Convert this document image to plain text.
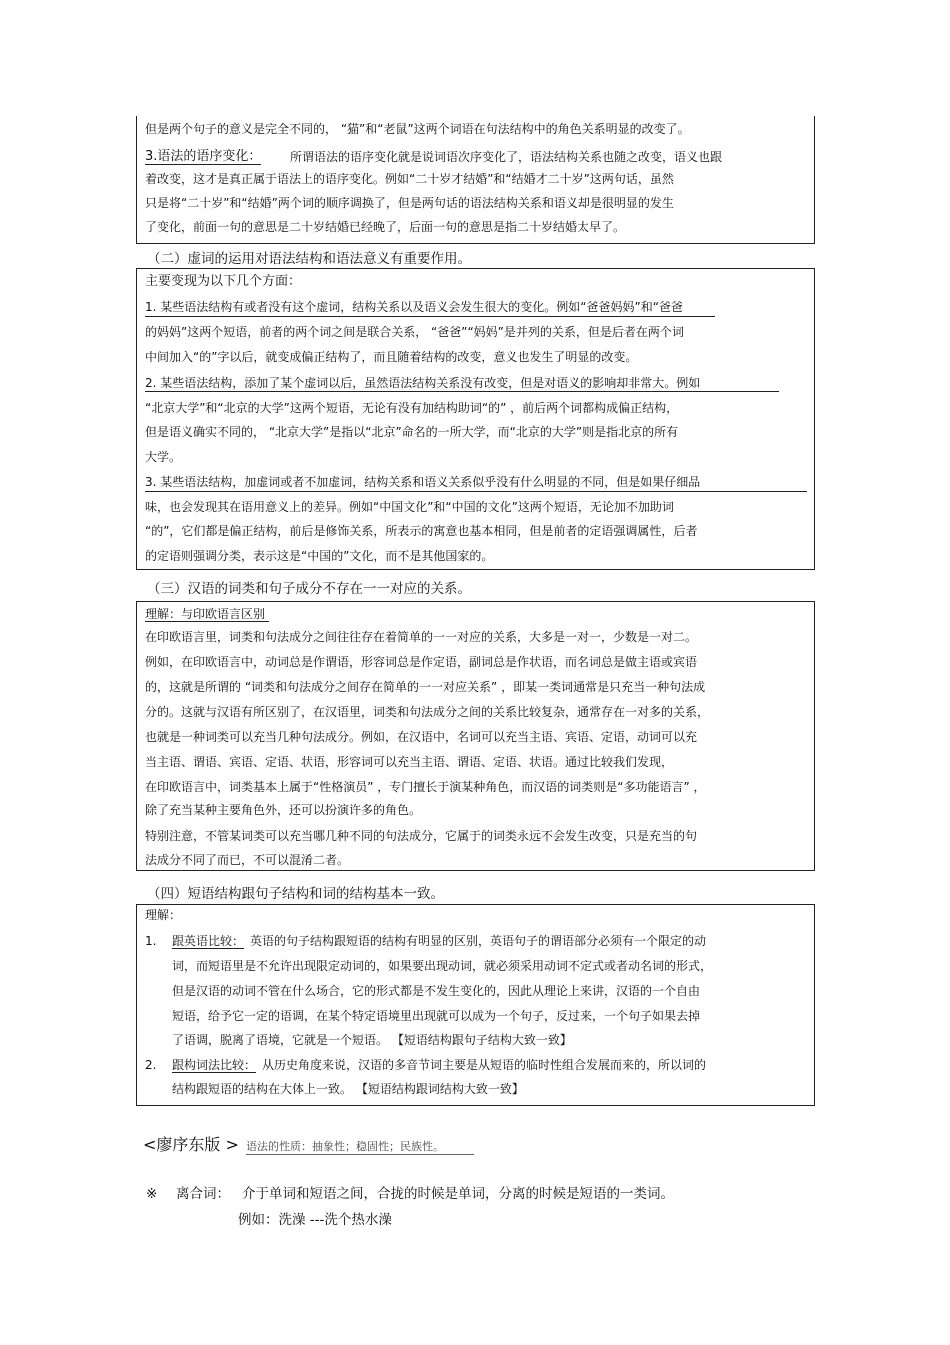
但是两个句子的意义是完全不同的， “猫”和“老鼠”这两个词语在句法结构中的角色关系明显的改变了。
3.语法的语序变化： 所谓语法的语序变化就是说词语次序变化了，语法结构关系也随之改变，语义也跟
着改变，这才是真正属于语法上的语序变化。例如“二十岁才结婚”和“结婚才二十岁”这两句话，虽然
只是将“二十岁”和“结婚”两个词的顺序调换了，但是两句话的语法结构关系和语义却是很明显的发生
了变化，前面一句的意思是二十岁结婚已经晚了，后面一句的意思是指二十岁结婚太早了。
（二）虚词的运用对语法结构和语法意义有重要作用。
主要变现为以下几个方面：
1. 某些语法结构有或者没有这个虚词，结构关系以及语义会发生很大的变化。例如“爸爸妈妈”和“爸爸
的妈妈”这两个短语，前者的两个词之间是联合关系， “爸爸”“妈妈”是并列的关系，但是后者在两个词
中间加入“的”字以后，就变成偏正结构了，而且随着结构的改变，意义也发生了明显的改变。
2. 某些语法结构，添加了某个虚词以后，虽然语法结构关系没有改变，但是对语义的影响却非常大。例如
“北京大学”和“北京的大学”这两个短语，无论有没有加结构助词“的” ，前后两个词都构成偏正结构，
但是语义确实不同的， “北京大学”是指以“北京”命名的一所大学，而“北京的大学”则是指北京的所有
大学。
3. 某些语法结构，加虚词或者不加虚词，结构关系和语义关系似乎没有什么明显的不同，但是如果仔细品
味，也会发现其在语用意义上的差异。例如“中国文化”和“中国的文化”这两个短语，无论加不加助词
“的”，它们都是偏正结构，前后是修饰关系，所表示的寓意也基本相同，但是前者的定语强调属性，后者
的定语则强调分类，表示这是“中国的”文化，而不是其他国家的。
（三）汉语的词类和句子成分不存在一一对应的关系。
理解：与印欧语言区别
在印欧语言里，词类和句法成分之间往往存在着简单的一一对应的关系，大多是一对一，少数是一对二。
例如，在印欧语言中，动词总是作谓语，形容词总是作定语，副词总是作状语，而名词总是做主语或宾语
的，这就是所谓的 “词类和句法成分之间存在简单的一一对应关系” ，即某一类词通常是只充当一种句法成
分的。这就与汉语有所区别了，在汉语里，词类和句法成分之间的关系比较复杂，通常存在一对多的关系，
也就是一种词类可以充当几种句法成分。例如，在汉语中，名词可以充当主语、宾语、定语，动词可以充
当主语、谓语、宾语、定语、状语，形容词可以充当主语、谓语、定语、状语。通过比较我们发现，
在印欧语言中，词类基本上属于“性格演员” ，专门擅长于演某种角色，而汉语的词类则是“多功能语言” ，
除了充当某种主要角色外，还可以扮演许多的角色。
特别注意，不管某词类可以充当哪几种不同的句法成分，它属于的词类永远不会发生改变，只是充当的句
法成分不同了而已，不可以混淆二者。
（四）短语结构跟句子结构和词的结构基本一致。
理解：
1. 跟英语比较： 英语的句子结构跟短语的结构有明显的区别，英语句子的谓语部分必须有一个限定的动
词，而短语里是不允许出现限定动词的，如果要出现动词，就必须采用动词不定式或者动名词的形式，
但是汉语的动词不管在什么场合，它的形式都是不发生变化的，因此从理论上来讲，汉语的一个自由
短语，给予它一定的语调，在某个特定语境里出现就可以成为一个句子，反过来，一个句子如果去掉
了语调，脱离了语境，它就是一个短语。 【短语结构跟句子结构大致一致】
2. 跟构词法比较： 从历史角度来说，汉语的多音节词主要是从短语的临时性组合发展而来的，所以词的
结构跟短语的结构在大体上一致。 【短语结构跟词结构大致一致】
<廖序东版 > 语法的性质：抽象性；稳固性；民族性。
※ 离合词： 介于单词和短语之间，合拢的时候是单词，分离的时候是短语的一类词。
例如：洗澡 ---洗个热水澡
